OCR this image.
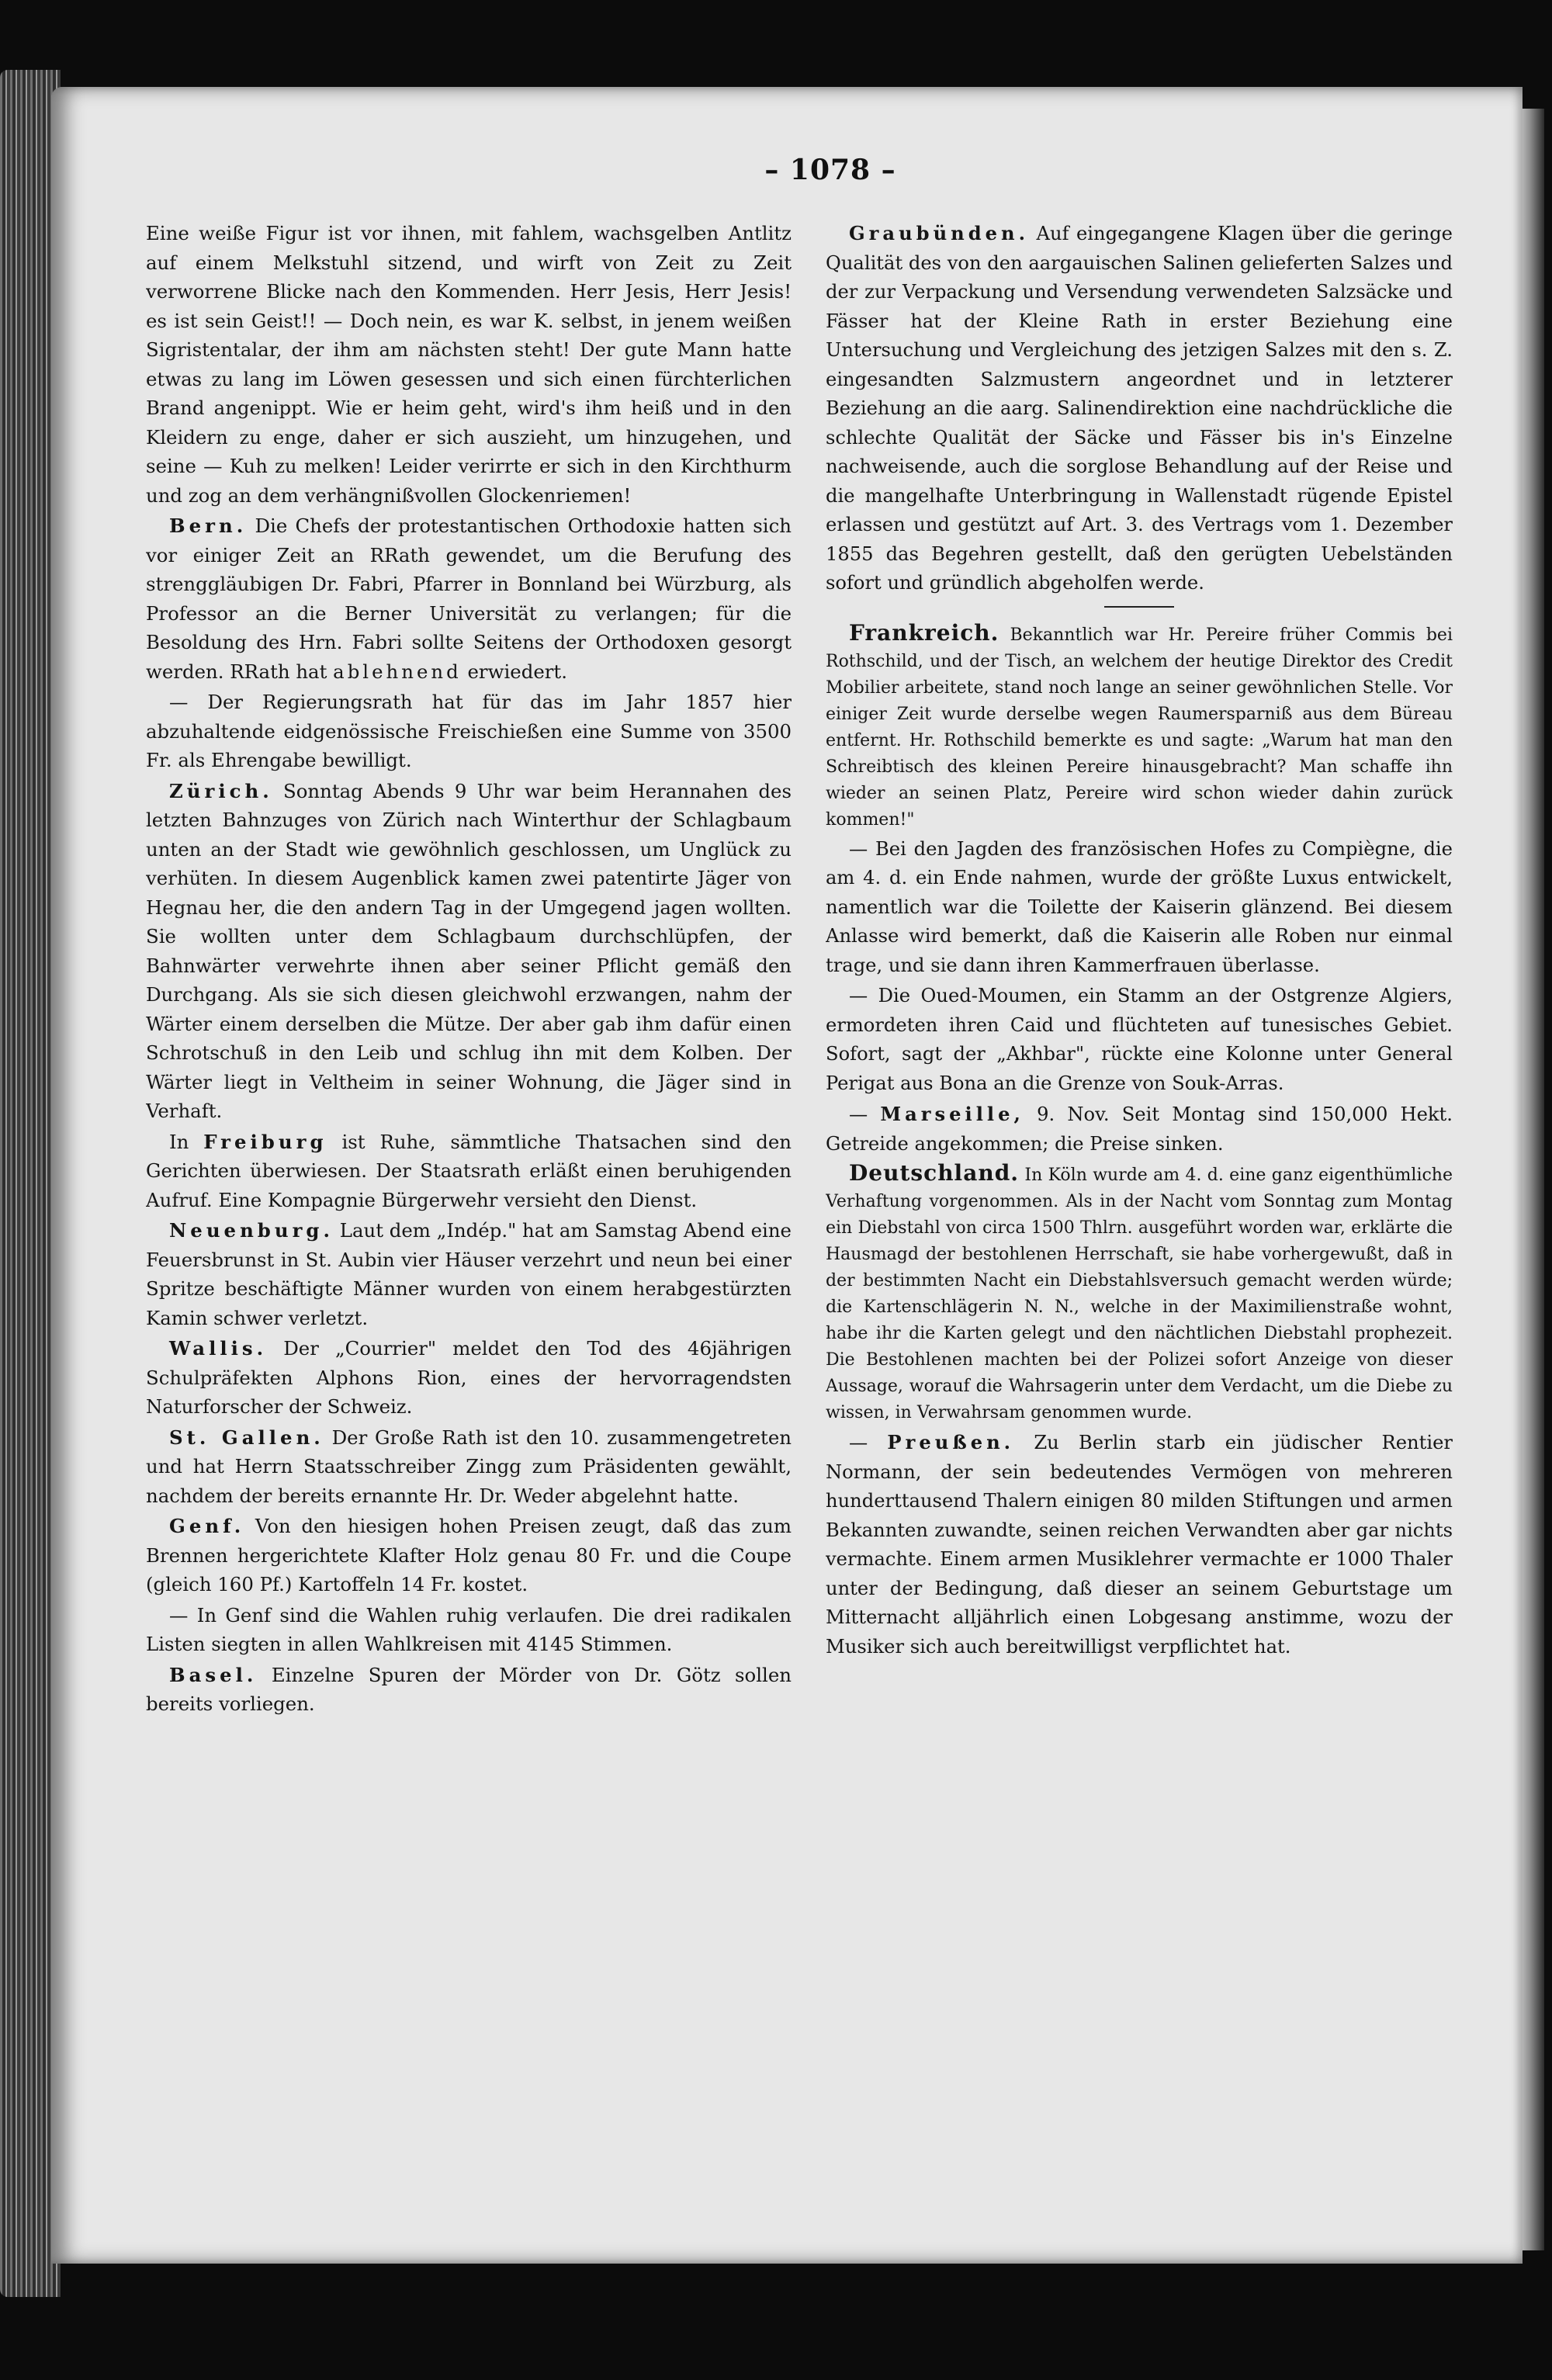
– 1078 –

Eine weiße Figur ist vor ihnen, mit fahlem, wachsgelben Antlitz auf einem Melkstuhl sitzend, und wirft von Zeit zu Zeit verworrene Blicke nach den Kommenden. Herr Jesis, Herr Jesis! es ist sein Geist!! — Doch nein, es war K. selbst, in jenem weißen Sigristentalar, der ihm am nächsten steht! Der gute Mann hatte etwas zu lang im Löwen gesessen und sich einen fürchterlichen Brand angenippt. Wie er heim geht, wird's ihm heiß und in den Kleidern zu enge, daher er sich auszieht, um hinzugehen, und seine — Kuh zu melken! Leider verirrte er sich in den Kirchthurm und zog an dem verhängnißvollen Glockenriemen!

Bern. Die Chefs der protestantischen Orthodoxie hatten sich vor einiger Zeit an RRath gewendet, um die Berufung des strenggläubigen Dr. Fabri, Pfarrer in Bonnland bei Würzburg, als Professor an die Berner Universität zu verlangen; für die Besoldung des Hrn. Fabri sollte Seitens der Orthodoxen gesorgt werden. RRath hat ablehnend erwiedert.

— Der Regierungsrath hat für das im Jahr 1857 hier abzuhaltende eidgenössische Freischießen eine Summe von 3500 Fr. als Ehrengabe bewilligt.

Zürich. Sonntag Abends 9 Uhr war beim Herannahen des letzten Bahnzuges von Zürich nach Winterthur der Schlagbaum unten an der Stadt wie gewöhnlich geschlossen, um Unglück zu verhüten. In diesem Augenblick kamen zwei patentirte Jäger von Hegnau her, die den andern Tag in der Umgegend jagen wollten. Sie wollten unter dem Schlagbaum durchschlüpfen, der Bahnwärter verwehrte ihnen aber seiner Pflicht gemäß den Durchgang. Als sie sich diesen gleichwohl erzwangen, nahm der Wärter einem derselben die Mütze. Der aber gab ihm dafür einen Schrotschuß in den Leib und schlug ihn mit dem Kolben. Der Wärter liegt in Veltheim in seiner Wohnung, die Jäger sind in Verhaft.

In Freiburg ist Ruhe, sämmtliche Thatsachen sind den Gerichten überwiesen. Der Staatsrath erläßt einen beruhigenden Aufruf. Eine Kompagnie Bürgerwehr versieht den Dienst.

Neuenburg. Laut dem „Indép." hat am Samstag Abend eine Feuersbrunst in St. Aubin vier Häuser verzehrt und neun bei einer Spritze beschäftigte Männer wurden von einem herabgestürzten Kamin schwer verletzt.

Wallis. Der „Courrier" meldet den Tod des 46jährigen Schulpräfekten Alphons Rion, eines der hervorragendsten Naturforscher der Schweiz.

St. Gallen. Der Große Rath ist den 10. zusammengetreten und hat Herrn Staatsschreiber Zingg zum Präsidenten gewählt, nachdem der bereits ernannte Hr. Dr. Weder abgelehnt hatte.

Genf. Von den hiesigen hohen Preisen zeugt, daß das zum Brennen hergerichtete Klafter Holz genau 80 Fr. und die Coupe (gleich 160 Pf.) Kartoffeln 14 Fr. kostet.

— In Genf sind die Wahlen ruhig verlaufen. Die drei radikalen Listen siegten in allen Wahlkreisen mit 4145 Stimmen.

Basel. Einzelne Spuren der Mörder von Dr. Götz sollen bereits vorliegen.

Graubünden. Auf eingegangene Klagen über die geringe Qualität des von den aargauischen Salinen gelieferten Salzes und der zur Verpackung und Versendung verwendeten Salzsäcke und Fässer hat der Kleine Rath in erster Beziehung eine Untersuchung und Vergleichung des jetzigen Salzes mit den s. Z. eingesandten Salzmustern angeordnet und in letzterer Beziehung an die aarg. Salinendirektion eine nachdrückliche die schlechte Qualität der Säcke und Fässer bis in's Einzelne nachweisende, auch die sorglose Behandlung auf der Reise und die mangelhafte Unterbringung in Wallenstadt rügende Epistel erlassen und gestützt auf Art. 3. des Vertrags vom 1. Dezember 1855 das Begehren gestellt, daß den gerügten Uebelständen sofort und gründlich abgeholfen werde.

Frankreich. Bekanntlich war Hr. Pereire früher Commis bei Rothschild, und der Tisch, an welchem der heutige Direktor des Credit Mobilier arbeitete, stand noch lange an seiner gewöhnlichen Stelle. Vor einiger Zeit wurde derselbe wegen Raumersparniß aus dem Büreau entfernt. Hr. Rothschild bemerkte es und sagte: „Warum hat man den Schreibtisch des kleinen Pereire hinausgebracht? Man schaffe ihn wieder an seinen Platz, Pereire wird schon wieder dahin zurück kommen!"

— Bei den Jagden des französischen Hofes zu Compiègne, die am 4. d. ein Ende nahmen, wurde der größte Luxus entwickelt, namentlich war die Toilette der Kaiserin glänzend. Bei diesem Anlasse wird bemerkt, daß die Kaiserin alle Roben nur einmal trage, und sie dann ihren Kammerfrauen überlasse.

— Die Oued-Moumen, ein Stamm an der Ostgrenze Algiers, ermordeten ihren Caid und flüchteten auf tunesisches Gebiet. Sofort, sagt der „Akhbar", rückte eine Kolonne unter General Perigat aus Bona an die Grenze von Souk-Arras.

— Marseille, 9. Nov. Seit Montag sind 150,000 Hekt. Getreide angekommen; die Preise sinken.

Deutschland. In Köln wurde am 4. d. eine ganz eigenthümliche Verhaftung vorgenommen. Als in der Nacht vom Sonntag zum Montag ein Diebstahl von circa 1500 Thlrn. ausgeführt worden war, erklärte die Hausmagd der bestohlenen Herrschaft, sie habe vorhergewußt, daß in der bestimmten Nacht ein Diebstahlsversuch gemacht werden würde; die Kartenschlägerin N. N., welche in der Maximilienstraße wohnt, habe ihr die Karten gelegt und den nächtlichen Diebstahl prophezeit. Die Bestohlenen machten bei der Polizei sofort Anzeige von dieser Aussage, worauf die Wahrsagerin unter dem Verdacht, um die Diebe zu wissen, in Verwahrsam genommen wurde.

— Preußen. Zu Berlin starb ein jüdischer Rentier Normann, der sein bedeutendes Vermögen von mehreren hunderttausend Thalern einigen 80 milden Stiftungen und armen Bekannten zuwandte, seinen reichen Verwandten aber gar nichts vermachte. Einem armen Musiklehrer vermachte er 1000 Thaler unter der Bedingung, daß dieser an seinem Geburtstage um Mitternacht alljährlich einen Lobgesang anstimme, wozu der Musiker sich auch bereitwilligst verpflichtet hat.
